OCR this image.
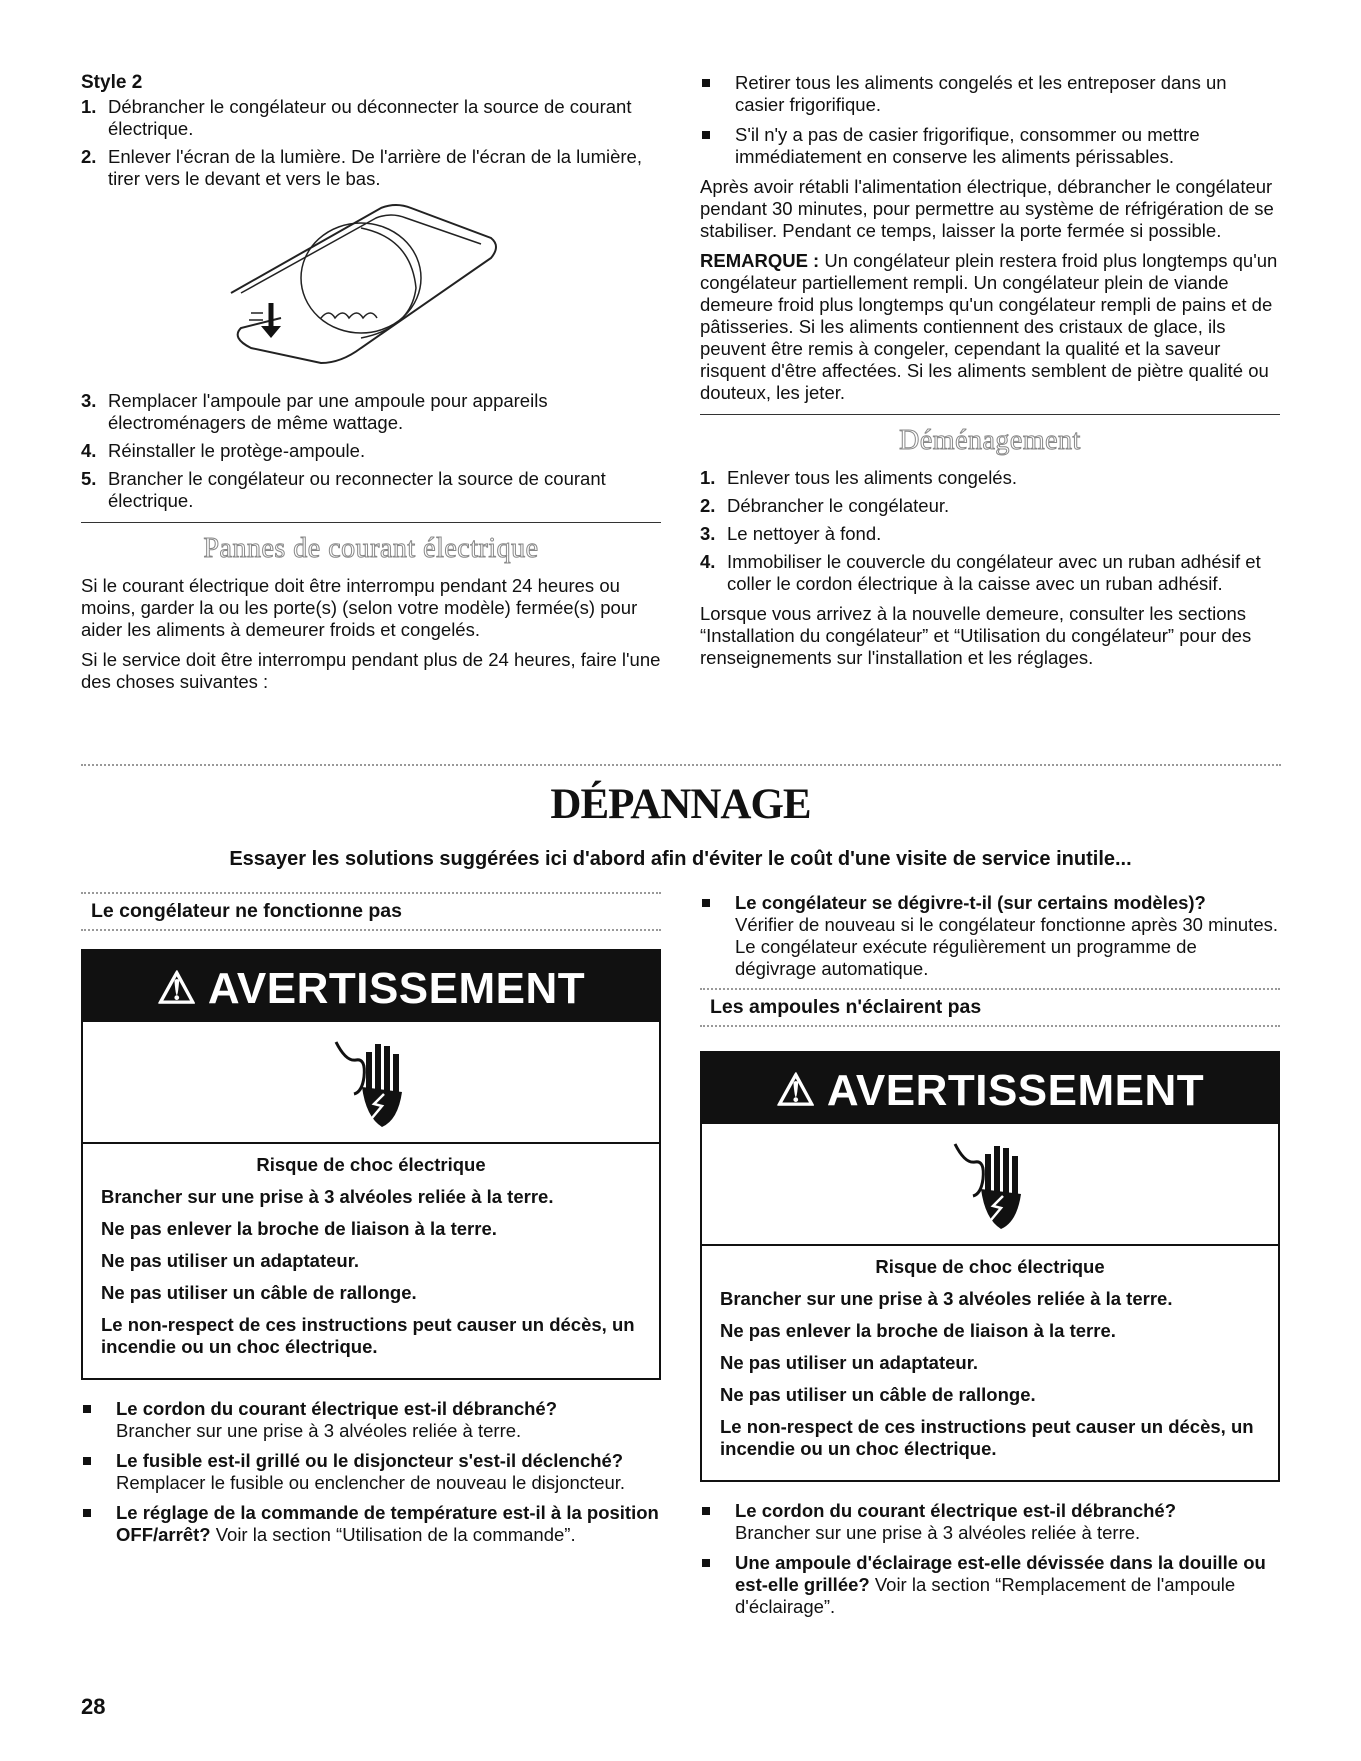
Style 2

1. Débrancher le congélateur ou déconnecter la source de courant électrique.
2. Enlever l'écran de la lumière. De l'arrière de l'écran de la lumière, tirer vers le devant et vers le bas.
3. Remplacer l'ampoule par une ampoule pour appareils électroménagers de même wattage.
4. Réinstaller le protège-ampoule.
5. Brancher le congélateur ou reconnecter la source de courant électrique.
Pannes de courant électrique

Si le courant électrique doit être interrompu pendant 24 heures ou moins, garder la ou les porte(s) (selon votre modèle) fermée(s) pour aider les aliments à demeurer froids et congelés.

Si le service doit être interrompu pendant plus de 24 heures, faire l'une des choses suivantes :

Retirer tous les aliments congelés et les entreposer dans un casier frigorifique.
S'il n'y a pas de casier frigorifique, consommer ou mettre immédiatement en conserve les aliments périssables.

Après avoir rétabli l'alimentation électrique, débrancher le congélateur pendant 30 minutes, pour permettre au système de réfrigération de se stabiliser. Pendant ce temps, laisser la porte fermée si possible.

REMARQUE : Un congélateur plein restera froid plus longtemps qu'un congélateur partiellement rempli. Un congélateur plein de viande demeure froid plus longtemps qu'un congélateur rempli de pains et de pâtisseries. Si les aliments contiennent des cristaux de glace, ils peuvent être remis à congeler, cependant la qualité et la saveur risquent d'être affectées. Si les aliments semblent de piètre qualité ou douteux, les jeter.

Déménagement
1. Enlever tous les aliments congelés.
2. Débrancher le congélateur.
3. Le nettoyer à fond.
4. Immobiliser le couvercle du congélateur avec un ruban adhésif et coller le cordon électrique à la caisse avec un ruban adhésif.

Lorsque vous arrivez à la nouvelle demeure, consulter les sections “Installation du congélateur” et “Utilisation du congélateur” pour des renseignements sur l'installation et les réglages.

DÉPANNAGE
Essayer les solutions suggérées ici d'abord afin d'éviter le coût d'une visite de service inutile...
Le congélateur ne fonctionne pas
⚠ AVERTISSEMENT

Risque de choc électrique

Brancher sur une prise à 3 alvéoles reliée à la terre.

Ne pas enlever la broche de liaison à la terre.

Ne pas utiliser un adaptateur.

Ne pas utiliser un câble de rallonge.

Le non-respect de ces instructions peut causer un décès, un incendie ou un choc électrique.

Le cordon du courant électrique est-il débranché?
Brancher sur une prise à 3 alvéoles reliée à terre.
Le fusible est-il grillé ou le disjoncteur s'est-il déclenché?
Remplacer le fusible ou enclencher de nouveau le disjoncteur.
Le réglage de la commande de température est-il à la position OFF/arrêt? Voir la section “Utilisation de la commande”.
Le congélateur se dégivre-t-il (sur certains modèles)?
Vérifier de nouveau si le congélateur fonctionne après 30 minutes. Le congélateur exécute régulièrement un programme de dégivrage automatique.
Les ampoules n'éclairent pas
⚠ AVERTISSEMENT

Risque de choc électrique

Brancher sur une prise à 3 alvéoles reliée à la terre.

Ne pas enlever la broche de liaison à la terre.

Ne pas utiliser un adaptateur.

Ne pas utiliser un câble de rallonge.

Le non-respect de ces instructions peut causer un décès, un incendie ou un choc électrique.

Le cordon du courant électrique est-il débranché?
Brancher sur une prise à 3 alvéoles reliée à terre.
Une ampoule d'éclairage est-elle dévissée dans la douille ou est-elle grillée? Voir la section “Remplacement de l'ampoule d'éclairage”.
28
